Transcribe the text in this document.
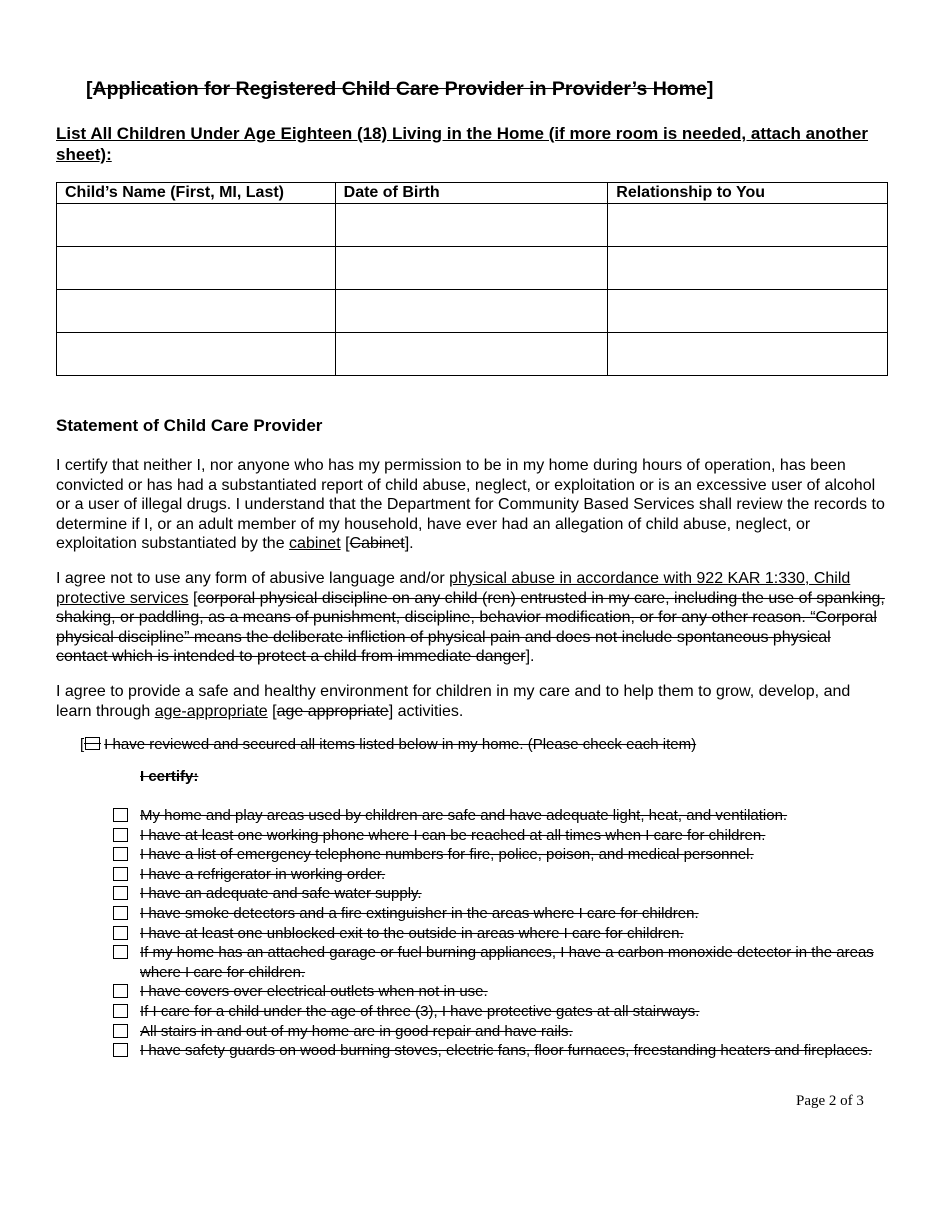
[Application for Registered Child Care Provider in Provider’s Home]
List All Children Under Age Eighteen (18) Living in the Home (if more room is needed, attach another sheet):
Child’s Name (First, MI, Last)	Date of Birth	Relationship to You

Statement of Child Care Provider
I certify that neither I, nor anyone who has my permission to be in my home during hours of operation, has been convicted or has had a substantiated report of child abuse, neglect, or exploitation or is an excessive user of alcohol or a user of illegal drugs. I understand that the Department for Community Based Services shall review the records to determine if I, or an adult member of my household, have ever had an allegation of child abuse, neglect, or exploitation substantiated by the cabinet [Cabinet].
I agree not to use any form of abusive language and/or physical abuse in accordance with 922 KAR 1:330, Child protective services [corporal physical discipline on any child (ren) entrusted in my care, including the use of spanking, shaking, or paddling, as a means of punishment, discipline, behavior modification, or for any other reason. “Corporal physical discipline” means the deliberate infliction of physical pain and does not include spontaneous physical contact which is intended to protect a child from immediate danger].
I agree to provide a safe and healthy environment for children in my care and to help them to grow, develop, and learn through age-appropriate [age appropriate] activities.
[ I have reviewed and secured all items listed below in my home. (Please check each item)
I certify:
My home and play areas used by children are safe and have adequate light, heat, and ventilation.
I have at least one working phone where I can be reached at all times when I care for children.
I have a list of emergency telephone numbers for fire, police, poison, and medical personnel.
I have a refrigerator in working order.
I have an adequate and safe water supply.
I have smoke detectors and a fire extinguisher in the areas where I care for children.
I have at least one unblocked exit to the outside in areas where I care for children.
If my home has an attached garage or fuel burning appliances, I have a carbon monoxide detector in the areas where I care for children.
I have covers over electrical outlets when not in use.
If I care for a child under the age of three (3), I have protective gates at all stairways.
All stairs in and out of my home are in good repair and have rails.
I have safety guards on wood burning stoves, electric fans, floor furnaces, freestanding heaters and fireplaces.
Page 2 of 3
